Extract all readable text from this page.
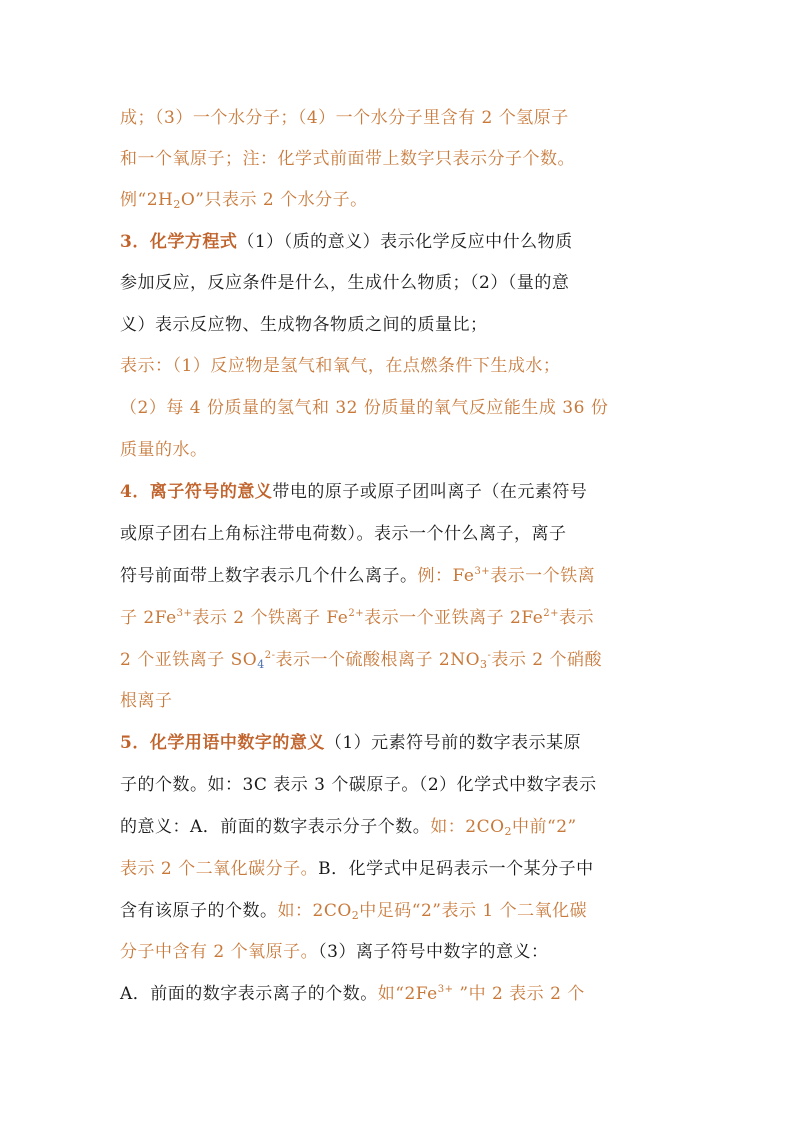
成；（3）一个水分子；（4）一个水分子里含有 2 个氢原子
和一个氧原子；注：化学式前面带上数字只表示分子个数。
例“$2H_2O$”只表示 2 个水分子。
3．化学方程式（1）（质的意义）表示化学反应中什么物质
参加反应，反应条件是什么，生成什么物质；（2）（量的意
义）表示反应物、生成物各物质之间的质量比；
表示：（1）反应物是氢气和氧气，在点燃条件下生成水；
（2）每 4 份质量的氢气和 32 份质量的氧气反应能生成 36 份
质量的水。
4．离子符号的意义带电的原子或原子团叫离子（在元素符号
或原子团右上角标注带电荷数）。表示一个什么离子，离子
符号前面带上数字表示几个什么离子。例：$Fe^{3+}$表示一个铁离
子 $2Fe^{3+}$表示 2 个铁离子 $Fe^{2+}$表示一个亚铁离子 $2Fe^{2+}$表示
2 个亚铁离子 $SO_4^{2-}$表示一个硫酸根离子 $2NO_3^-$表示 2 个硝酸
根离子
5．化学用语中数字的意义（1）元素符号前的数字表示某原
子的个数。如：3C 表示 3 个碳原子。（2）化学式中数字表示
的意义：A．前面的数字表示分子个数。如：$2CO_2$中前“2”
表示 2 个二氧化碳分子。B．化学式中足码表示一个某分子中
含有该原子的个数。如：$2CO_2$中足码“2”表示 1 个二氧化碳
分子中含有 2 个氧原子。（3）离子符号中数字的意义：
A．前面的数字表示离子的个数。如“$2Fe^{3+}$ ”中 2 表示 2 个
